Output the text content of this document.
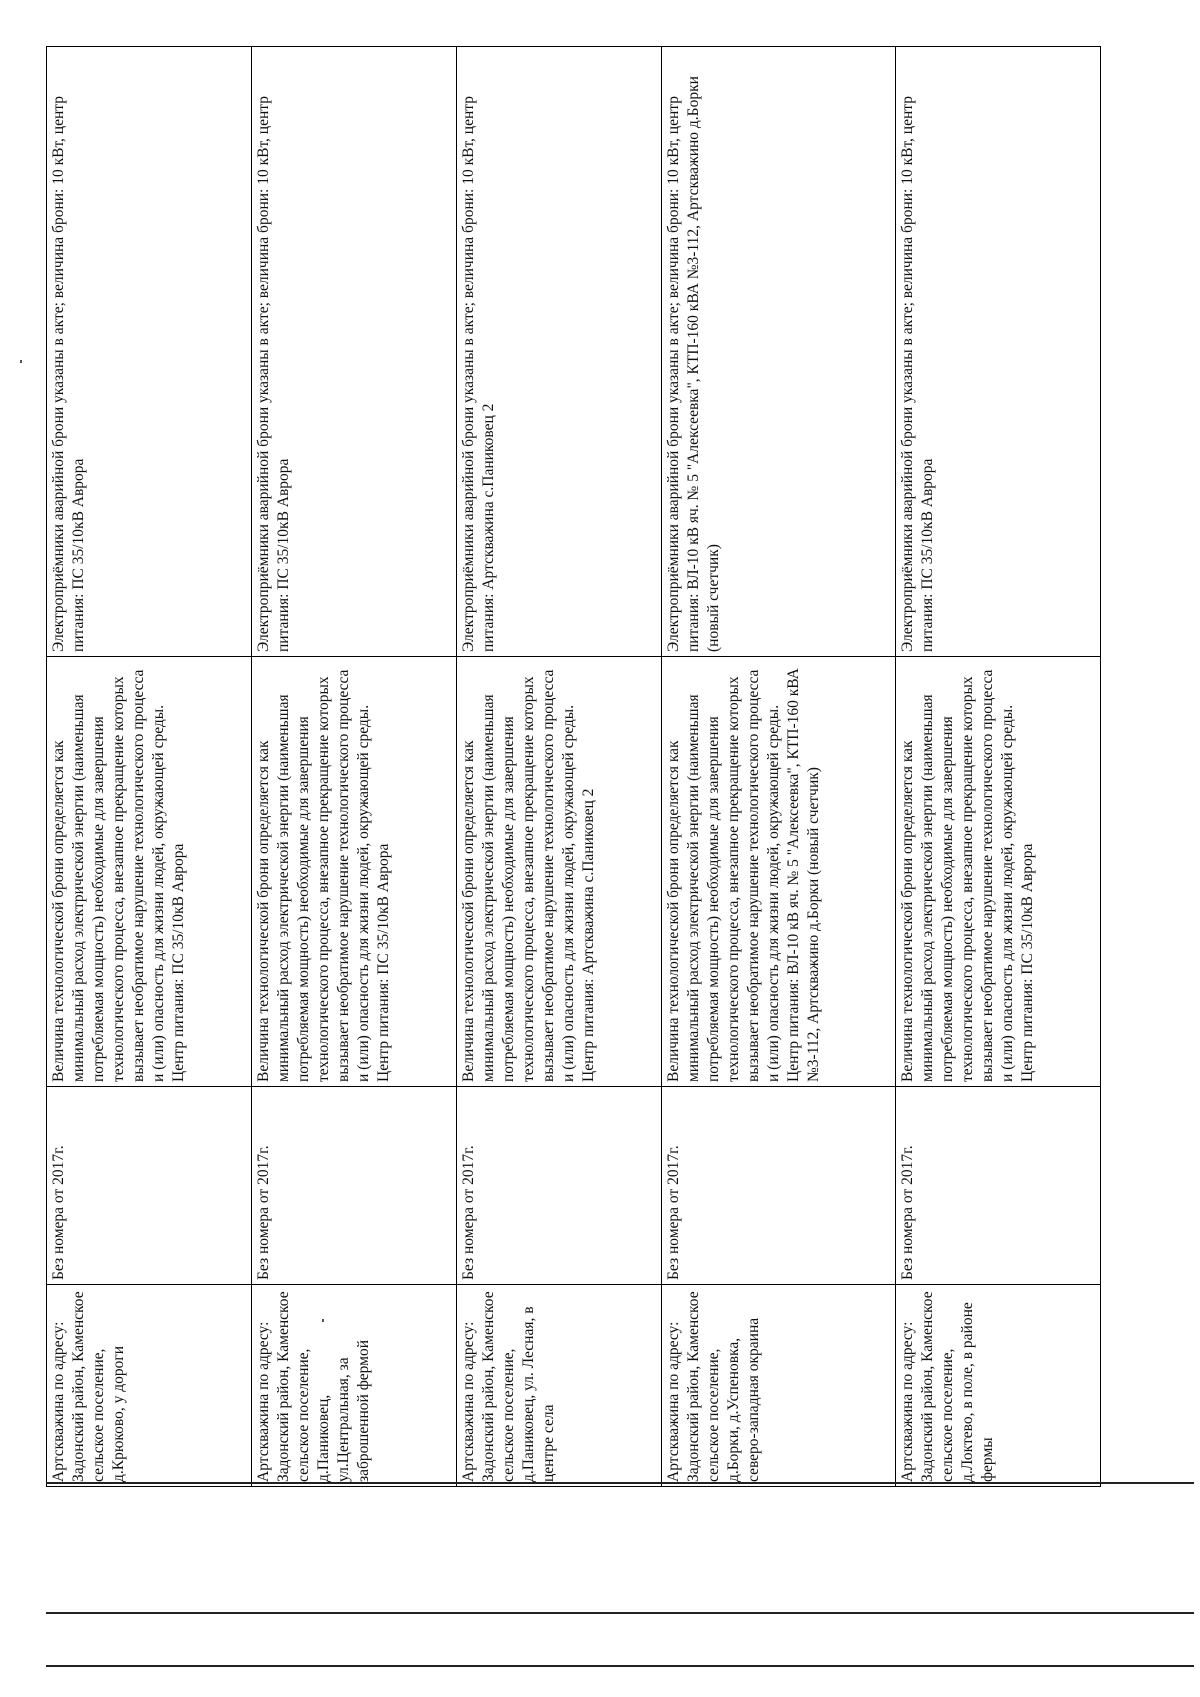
Артскважина по адресу: Задонский район, Каменское сельское поселение, д.Крюково, у дороги	Без номера от 2017г.	Величина технологической брони определяется как минимальный расход электрической энергии (наименьшая потребляемая мощность) необходимые для завершения технологического процесса, внезапное прекращение которых вызывает необратимое нарушение технологического процесса и (или) опасность для жизни людей, окружающей среды. Центр питания: ПС 35/10кВ Аврора	Электроприёмники аварийной брони указаны в акте; величина брони: 10 кВт, центр питания: ПС 35/10кВ Аврора
Артскважина по адресу: Задонский район, Каменское сельское поселение, д.Паниковец, ул.Центральная, за заброшенной фермой	Без номера от 2017г.	Величина технологической брони определяется как минимальный расход электрической энергии (наименьшая потребляемая мощность) необходимые для завершения технологического процесса, внезапное прекращение которых вызывает необратимое нарушение технологического процесса и (или) опасность для жизни людей, окружающей среды. Центр питания: ПС 35/10кВ Аврора	Электроприёмники аварийной брони указаны в акте; величина брони: 10 кВт, центр питания: ПС 35/10кВ Аврора
Артскважина по адресу: Задонский район, Каменское сельское поселение, д.Паниковец, ул. Лесная, в центре села	Без номера от 2017г.	Величина технологической брони определяется как минимальный расход электрической энергии (наименьшая потребляемая мощность) необходимые для завершения технологического процесса, внезапное прекращение которых вызывает необратимое нарушение технологического процесса и (или) опасность для жизни людей, окружающей среды. Центр питания: Артскважина с.Паниковец 2	Электроприёмники аварийной брони указаны в акте; величина брони: 10 кВт, центр питания: Артскважина с.Паниковец 2
Артскважина по адресу: Задонский район, Каменское сельское поселение, д.Борки, д.Успеновка, северо-западная окраина	Без номера от 2017г.	Величина технологической брони определяется как минимальный расход электрической энергии (наименьшая потребляемая мощность) необходимые для завершения технологического процесса, внезапное прекращение которых вызывает необратимое нарушение технологического процесса и (или) опасность для жизни людей, окружающей среды. Центр питания: ВЛ-10 кВ яч. № 5 "Алексеевка", КТП-160 кВА №3-112, Артскважино д.Борки (новый счетчик)	Электроприёмники аварийной брони указаны в акте; величина брони: 10 кВт, центр питания: ВЛ-10 кВ яч. № 5 "Алексеевка", КТП-160 кВА №3-112, Артскважино д.Борки (новый счетчик)
Артскважина по адресу: Задонский район, Каменское сельское поселение, д.Локтево, в поле, в районе фермы	Без номера от 2017г.	Величина технологической брони определяется как минимальный расход электрической энергии (наименьшая потребляемая мощность) необходимые для завершения технологического процесса, внезапное прекращение которых вызывает необратимое нарушение технологического процесса и (или) опасность для жизни людей, окружающей среды. Центр питания: ПС 35/10кВ Аврора	Электроприёмники аварийной брони указаны в акте; величина брони: 10 кВт, центр питания: ПС 35/10кВ Аврора
